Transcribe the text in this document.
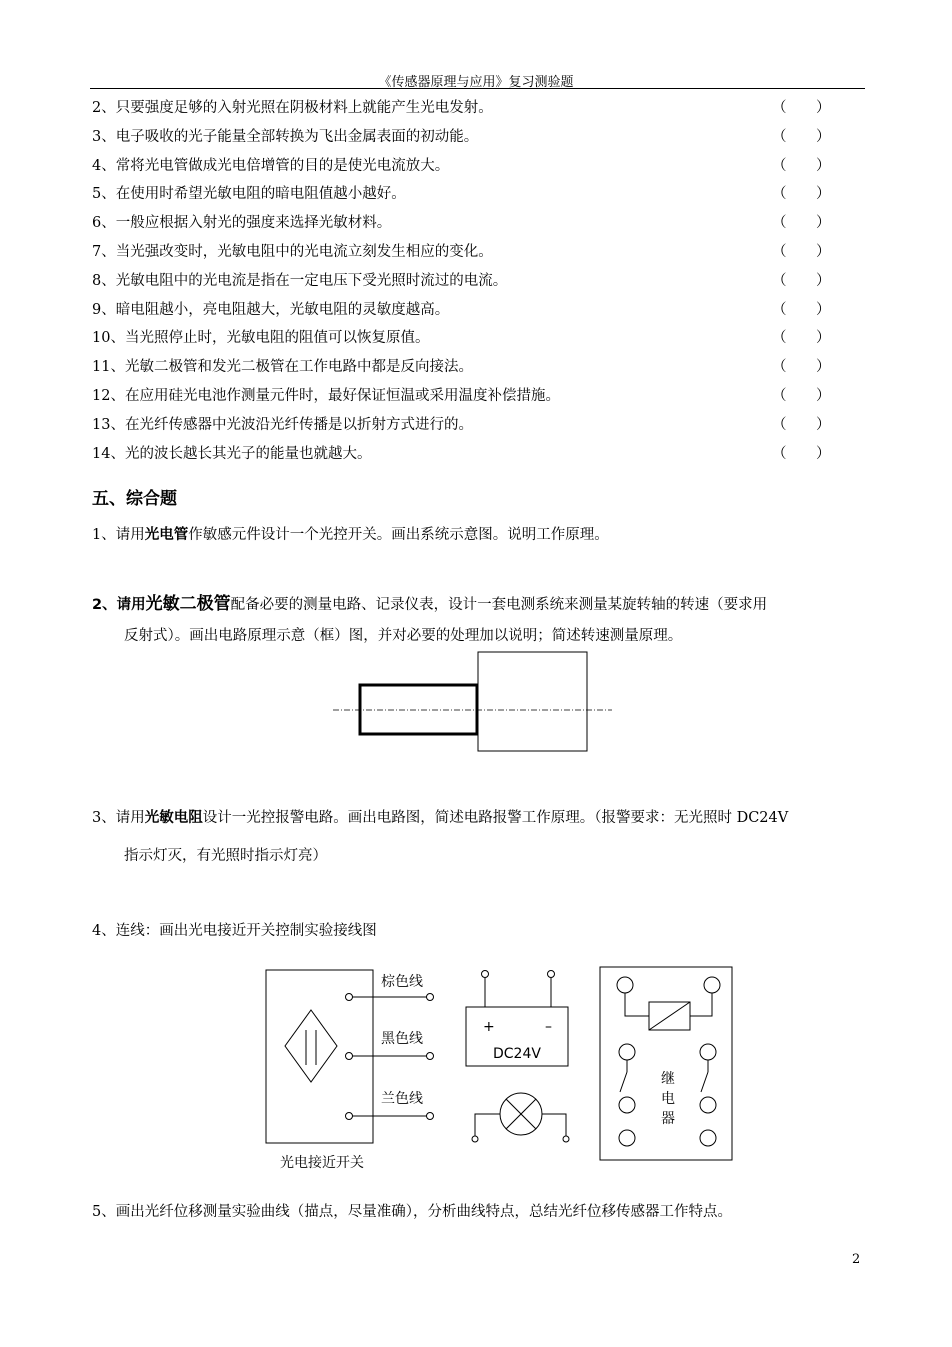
《传感器原理与应用》复习测验题
2、只要强度足够的入射光照在阴极材料上就能产生光电发射。	（ ）
3、电子吸收的光子能量全部转换为飞出金属表面的初动能。	（ ）
4、常将光电管做成光电倍增管的目的是使光电流放大。	（ ）
5、在使用时希望光敏电阻的暗电阻值越小越好。	（ ）
6、一般应根据入射光的强度来选择光敏材料。	（ ）
7、当光强改变时，光敏电阻中的光电流立刻发生相应的变化。	（ ）
8、光敏电阻中的光电流是指在一定电压下受光照时流过的电流。	（ ）
9、暗电阻越小，亮电阻越大，光敏电阻的灵敏度越高。	（ ）
10、当光照停止时，光敏电阻的阻值可以恢复原值。	（ ）
11、光敏二极管和发光二极管在工作电路中都是反向接法。	（ ）
12、在应用硅光电池作测量元件时，最好保证恒温或采用温度补偿措施。	（ ）
13、在光纤传感器中光波沿光纤传播是以折射方式进行的。	（ ）
14、光的波长越长其光子的能量也就越大。	（ ）
五、综合题
1、请用光电管作敏感元件设计一个光控开关。画出系统示意图。说明工作原理。
2、请用光敏二极管配备必要的测量电路、记录仪表，设计一套电测系统来测量某旋转轴的转速（要求用
反射式）。画出电路原理示意（框）图，并对必要的处理加以说明；简述转速测量原理。
3、请用光敏电阻设计一光控报警电路。画出电路图，简述电路报警工作原理。（报警要求：无光照时 DC24V
指示灯灭，有光照时指示灯亮）
4、连线：画出光电接近开关控制实验接线图
棕色线
黑色线
兰色线
光电接近开关
+	–
DC24V
继
电
器
5、画出光纤位移测量实验曲线（描点，尽量准确），分析曲线特点，总结光纤位移传感器工作特点。
2
